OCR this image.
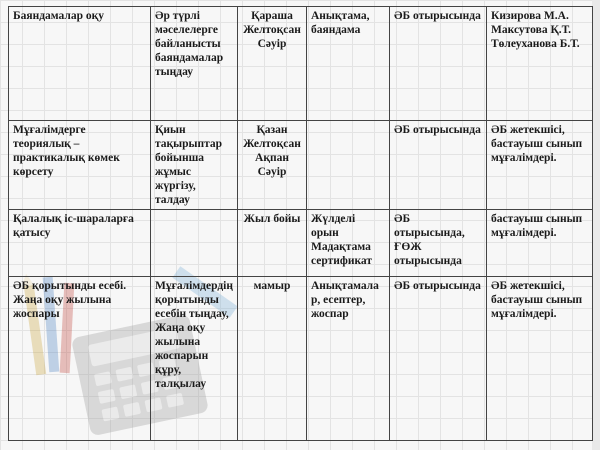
Баяндамалар оқу	Әр түрлі мәселелерге байланысты баяндамалар тыңдау	Қараша Желтоқсан Сәуір	Анықтама, баяндама	ӘБ отырысында	Кизирова М.А. Максутова Қ.Т. Төлеуханова Б.Т.
Мұғалімдерге теориялық –практикалық көмек көрсету	Қиын тақырыптар бойынша жұмыс жүргізу, талдау	Қазан Желтоқсан Ақпан Сәуір		ӘБ отырысында	ӘБ жетекшісі, бастауыш сынып мұғалімдері.
Қалалық іс-шараларға қатысу		Жыл бойы	Жүлделі орын Мадақтама сертификат	ӘБ отырысында, ҒӨЖ отырысында	бастауыш сынып мұғалімдері.
ӘБ қорытынды есебі. Жаңа оқу жылына жоспары	Мұғалімдердің қорытынды есебін тыңдау, Жаңа оқу жылына жоспарын құру, талқылау	мамыр	Анықтамалар, есептер, жоспар	ӘБ отырысында	ӘБ жетекшісі, бастауыш сынып мұғалімдері.
